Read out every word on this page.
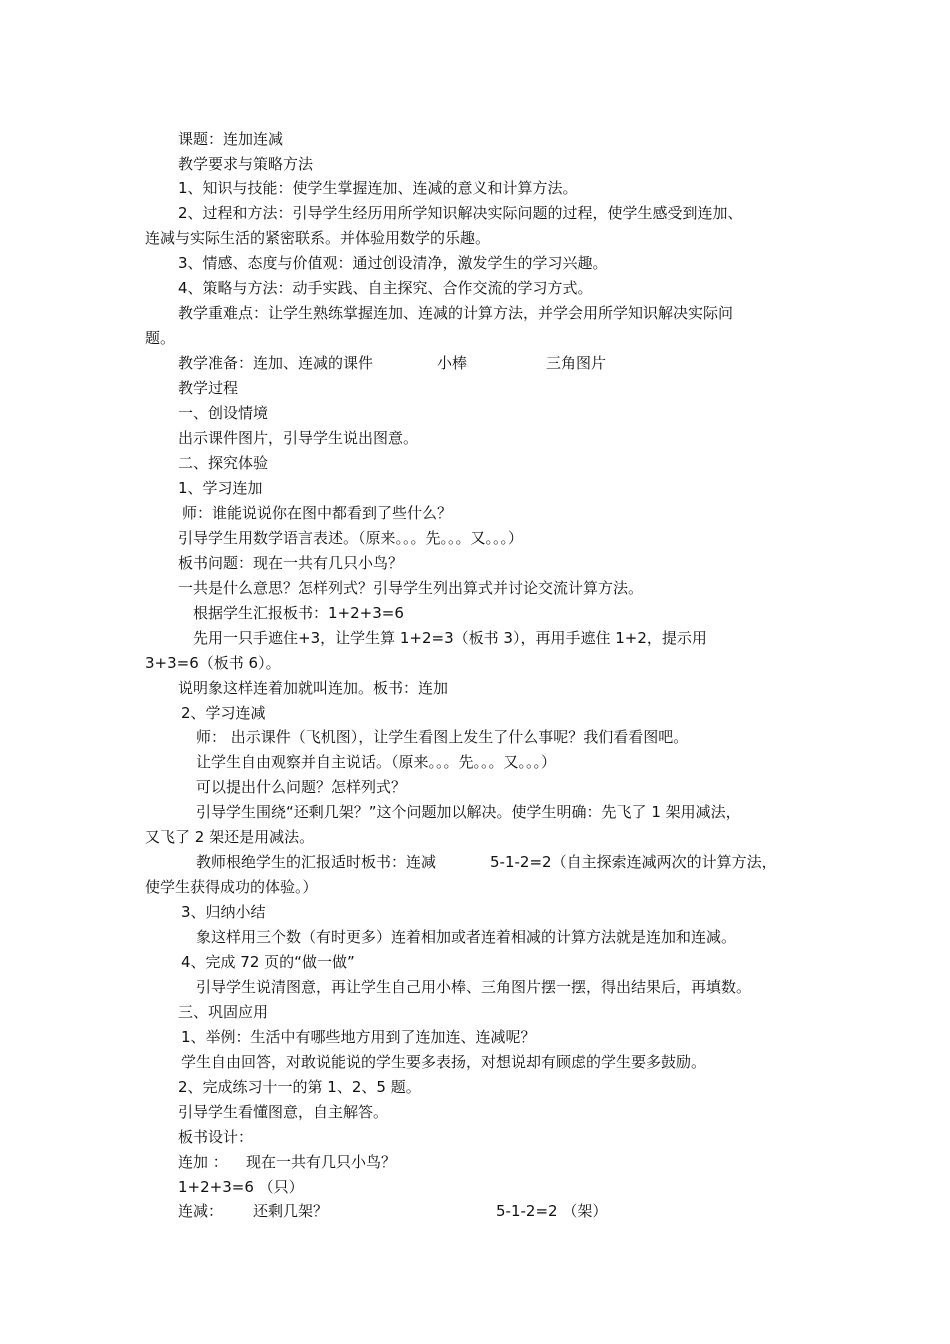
课题：连加连减
教学要求与策略方法
1、知识与技能：使学生掌握连加、连减的意义和计算方法。
2、过程和方法：引导学生经历用所学知识解决实际问题的过程，使学生感受到连加、
连减与实际生活的紧密联系。并体验用数学的乐趣。
3、情感、态度与价值观：通过创设清净，激发学生的学习兴趣。
4、策略与方法：动手实践、自主探究、合作交流的学习方式。
教学重难点：让学生熟练掌握连加、连减的计算方法，并学会用所学知识解决实际问
题。
教学准备：连加、连减的课件	小棒	三角图片
教学过程
一、创设情境
出示课件图片，引导学生说出图意。
二、探究体验
1、学习连加
师：谁能说说你在图中都看到了些什么？
引导学生用数学语言表述。（原来。。。先。。。又。。。）
板书问题：现在一共有几只小鸟？
一共是什么意思？怎样列式？引导学生列出算式并讨论交流计算方法。
根据学生汇报板书：1+2+3=6
先用一只手遮住+3，让学生算 1+2=3（板书 3），再用手遮住 1+2，提示用
3+3=6（板书 6）。
说明象这样连着加就叫连加。板书：连加
2、学习连减
师： 出示课件（飞机图），让学生看图上发生了什么事呢？我们看看图吧。
让学生自由观察并自主说话。（原来。。。先。。。又。。。）
可以提出什么问题？怎样列式？
引导学生围绕“还剩几架？”这个问题加以解决。使学生明确：先飞了 1 架用减法，
又飞了 2 架还是用减法。
教师根绝学生的汇报适时板书：连减	5-1-2=2（自主探索连减两次的计算方法，
使学生获得成功的体验。）
3、归纳小结
象这样用三个数（有时更多）连着相加或者连着相减的计算方法就是连加和连减。
4、完成 72 页的“做一做”
引导学生说清图意，再让学生自己用小棒、三角图片摆一摆，得出结果后，再填数。
三、巩固应用
1、举例：生活中有哪些地方用到了连加连、连减呢？
学生自由回答，对敢说能说的学生要多表扬，对想说却有顾虑的学生要多鼓励。
2、完成练习十一的第 1、2、5 题。
引导学生看懂图意，自主解答。
板书设计：
连加 ： 现在一共有几只小鸟？
1+2+3=6 （只）
连减： 还剩几架？	5-1-2=2 （架）
